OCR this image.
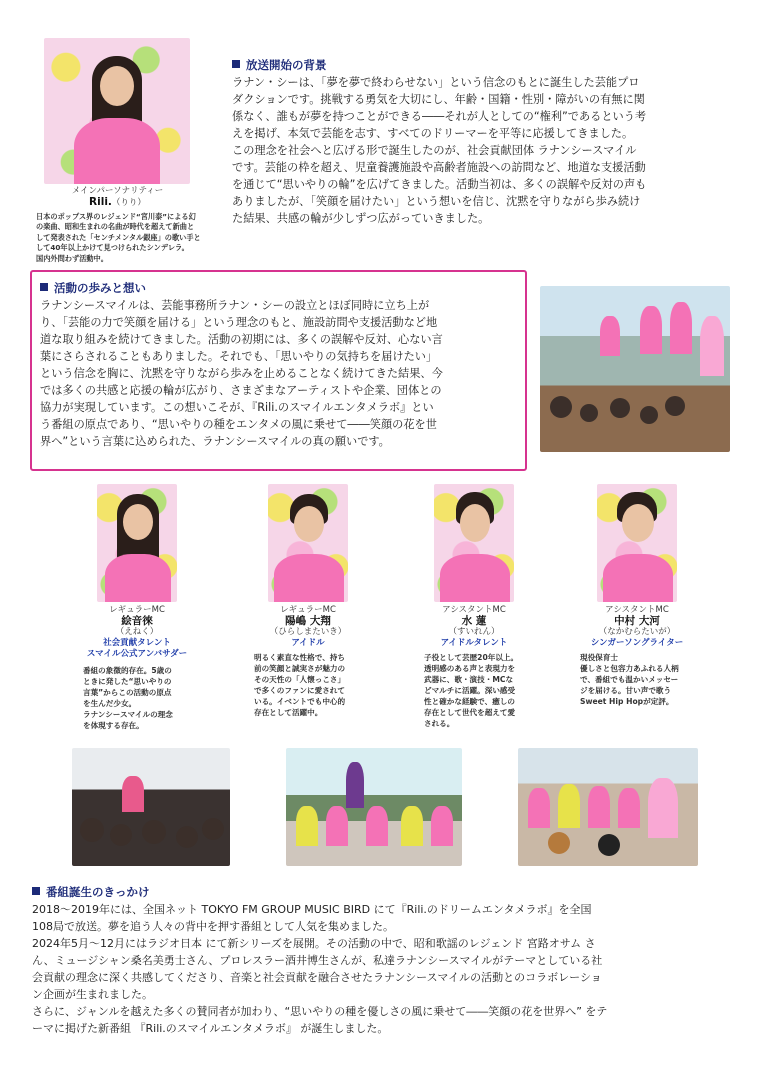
メインパーソナリティー
Rili.（りり）
日本のポップス界のレジェンド“宮川泰”による幻
の楽曲、昭和生まれの名曲が時代を超えて新曲と
して発表された「センチメンタル銀座」の歌い手と
して40年以上かけて見つけられたシンデレラ。
国内外問わず活動中。
放送開始の背景

ラナン・シーは、「夢を夢で終わらせない」という信念のもとに誕生した芸能プロ

ダクションです。挑戦する勇気を大切にし、年齢・国籍・性別・障がいの有無に関

係なく、誰もが夢を持つことができる――それが人としての“権利”であるという考

えを掲げ、本気で芸能を志す、すべてのドリーマーを平等に応援してきました。

この理念を社会へと広げる形で誕生したのが、社会貢献団体 ラナンシースマイル

です。芸能の枠を超え、児童養護施設や高齢者施設への訪問など、地道な支援活動

を通じて“思いやりの輪”を広げてきました。活動当初は、多くの誤解や反対の声も

ありましたが、「笑顔を届けたい」という想いを信じ、沈黙を守りながら歩み続け

た結果、共感の輪が少しずつ広がっていきました。

活動の歩みと想い

ラナンシースマイルは、芸能事務所ラナン・シーの設立とほぼ同時に立ち上が

り、「芸能の力で笑顔を届ける」という理念のもと、施設訪問や支援活動など地

道な取り組みを続けてきました。活動の初期には、多くの誤解や反対、心ない言

葉にさらされることもありました。それでも、「思いやりの気持ちを届けたい」

という信念を胸に、沈黙を守りながら歩みを止めることなく続けてきた結果、今

では多くの共感と応援の輪が広がり、さまざまなアーティストや企業、団体との

協力が実現しています。この想いこそが、『Rili.のスマイルエンタメラボ』とい

う番組の原点であり、“思いやりの種をエンタメの風に乗せて――笑顔の花を世

界へ”という言葉に込められた、ラナンシースマイルの真の願いです。

レギュラーMC
絵音徠
（えねく）
社会貢献タレント
スマイル公式アンバサダー
番組の象徴的存在。5歳の
ときに発した“思いやりの
言葉”からこの活動の原点
を生んだ少女。
ラナンシースマイルの理念
を体現する存在。
レギュラーMC
陽嶋 大翔
（ひらしまたいき）
アイドル
明るく素直な性格で、持ち
前の笑顔と誠実さが魅力の
その天性の「人懐っこさ」
で多くのファンに愛されて
いる。イベントでも中心的
存在として活躍中。
アシスタントMC
水 蓮
（すいれん）
アイドルタレント
子役として芸歴20年以上。
透明感のある声と表現力を
武器に、歌・演技・MCな
どマルチに活躍。深い感受
性と確かな経験で、癒しの
存在として世代を超えて愛
される。
アシスタントMC
中村 大河
（なかむらたいが）
シンガーソングライター
現役保育士
優しさと包容力あふれる人柄
で、番組でも温かいメッセー
ジを届ける。甘い声で歌う
Sweet Hip Hopが定評。
番組誕生のきっかけ

2018〜2019年には、全国ネット TOKYO FM GROUP MUSIC BIRD にて『Rili.のドリームエンタメラボ』を全国

108局で放送。夢を追う人々の背中を押す番組として人気を集めました。

2024年5月〜12月にはラジオ日本 にて新シリーズを展開。その活動の中で、昭和歌謡のレジェンド 宮路オサム さ

ん、ミュージシャン桑名美勇士さん、プロレスラー酒井博生さんが、私達ラナンシースマイルがテーマとしている社

会貢献の理念に深く共感してくださり、音楽と社会貢献を融合させたラナンシースマイルの活動とのコラボレーショ

ン企画が生まれました。

さらに、ジャンルを越えた多くの賛同者が加わり、“思いやりの種を優しさの風に乗せて――笑顔の花を世界へ” をテ

ーマに掲げた新番組 『Rili.のスマイルエンタメラボ』 が誕生しました。
